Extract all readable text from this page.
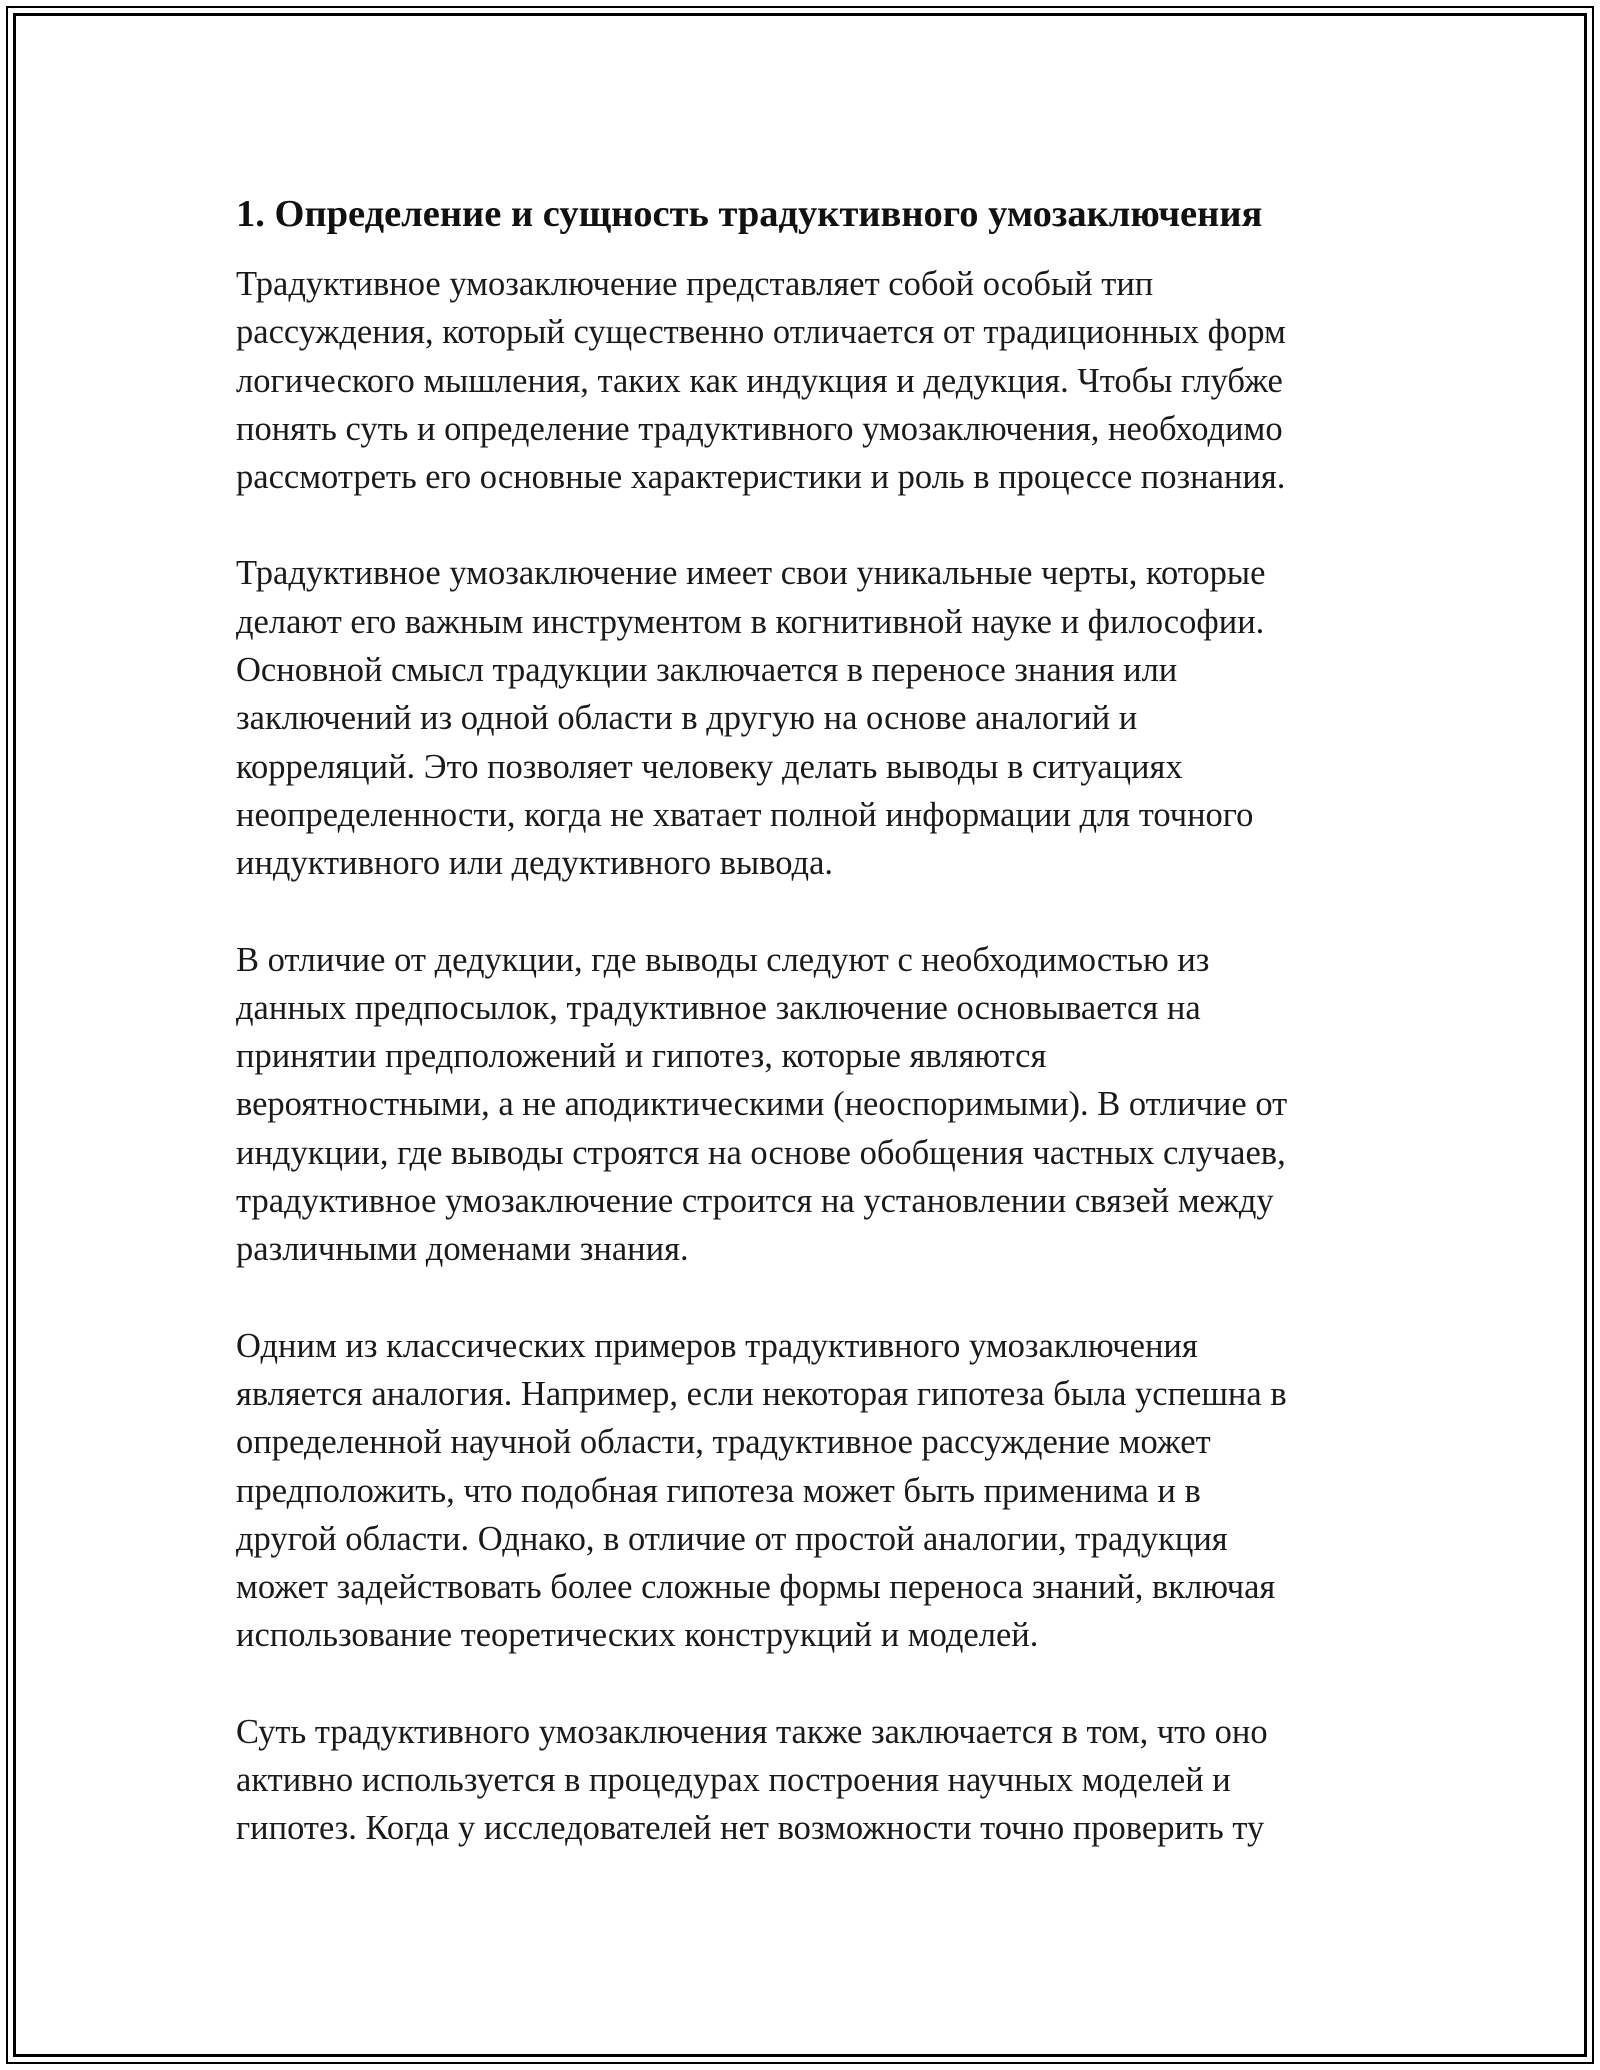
1. Определение и сущность традуктивного умозаключения

Традуктивное умозаключение представляет собой особый тип
рассуждения, который существенно отличается от традиционных форм
логического мышления, таких как индукция и дедукция. Чтобы глубже
понять суть и определение традуктивного умозаключения, необходимо
рассмотреть его основные характеристики и роль в процессе познания.

Традуктивное умозаключение имеет свои уникальные черты, которые
делают его важным инструментом в когнитивной науке и философии.
Основной смысл традукции заключается в переносе знания или
заключений из одной области в другую на основе аналогий и
корреляций. Это позволяет человеку делать выводы в ситуациях
неопределенности, когда не хватает полной информации для точного
индуктивного или дедуктивного вывода.

В отличие от дедукции, где выводы следуют с необходимостью из
данных предпосылок, традуктивное заключение основывается на
принятии предположений и гипотез, которые являются
вероятностными, а не аподиктическими (неоспоримыми). В отличие от
индукции, где выводы строятся на основе обобщения частных случаев,
традуктивное умозаключение строится на установлении связей между
различными доменами знания.

Одним из классических примеров традуктивного умозаключения
является аналогия. Например, если некоторая гипотеза была успешна в
определенной научной области, традуктивное рассуждение может
предположить, что подобная гипотеза может быть применима и в
другой области. Однако, в отличие от простой аналогии, традукция
может задействовать более сложные формы переноса знаний, включая
использование теоретических конструкций и моделей.

Суть традуктивного умозаключения также заключается в том, что оно
активно используется в процедурах построения научных моделей и
гипотез. Когда у исследователей нет возможности точно проверить ту
